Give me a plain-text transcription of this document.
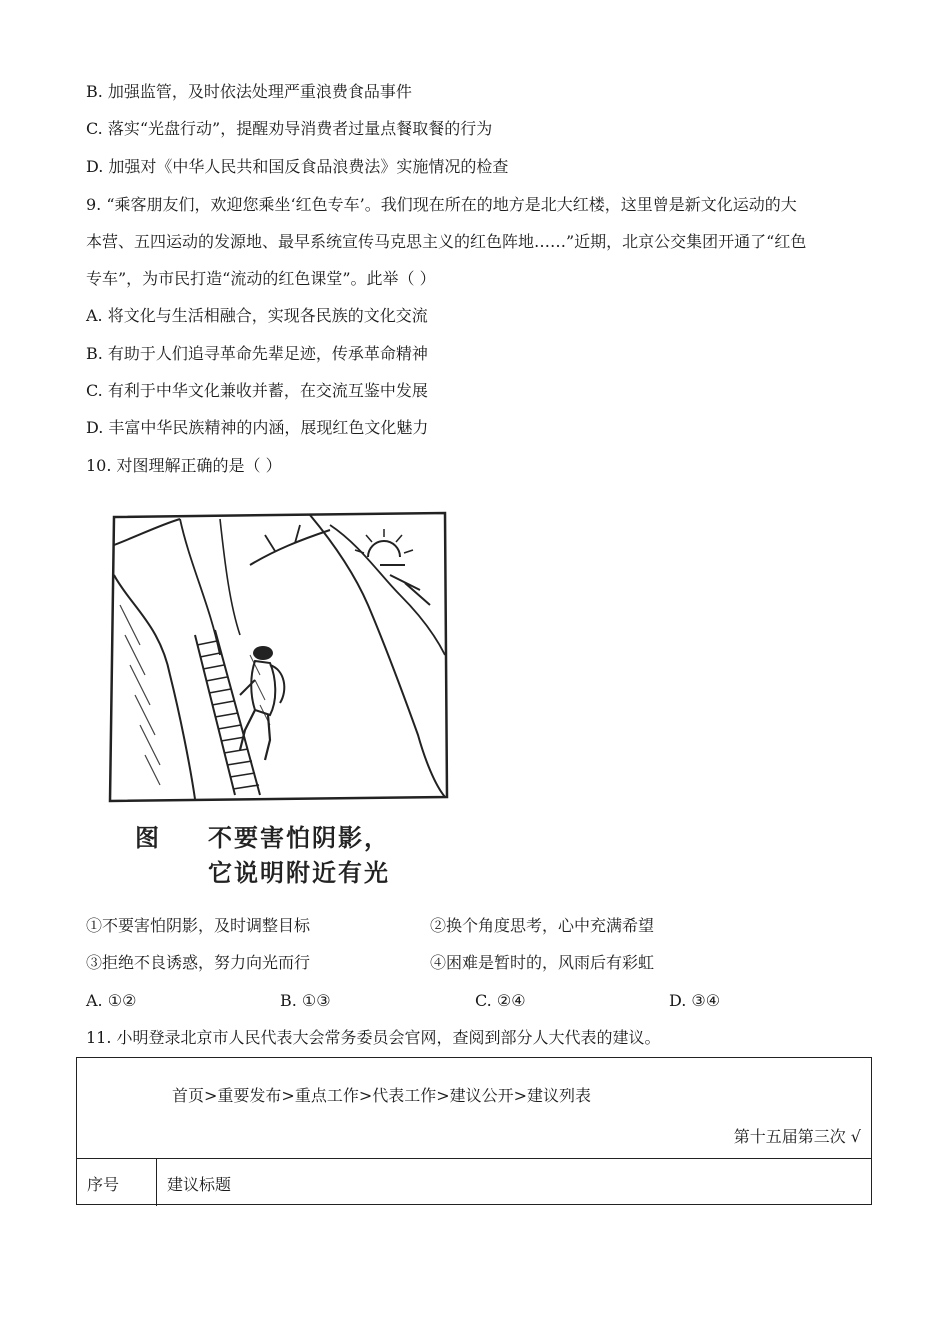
B. 加强监管，及时依法处理严重浪费食品事件
C. 落实“光盘行动”，提醒劝导消费者过量点餐取餐的行为
D. 加强对《中华人民共和国反食品浪费法》实施情况的检查
9. “乘客朋友们，欢迎您乘坐‘红色专车’。我们现在所在的地方是北大红楼，这里曾是新文化运动的大
本营、五四运动的发源地、最早系统宣传马克思主义的红色阵地……”近期，北京公交集团开通了“红色
专车”，为市民打造“流动的红色课堂”。此举（ ）
A. 将文化与生活相融合，实现各民族的文化交流
B. 有助于人们追寻革命先辈足迹，传承革命精神
C. 有利于中华文化兼收并蓄，在交流互鉴中发展
D. 丰富中华民族精神的内涵，展现红色文化魅力
10. 对图理解正确的是（ ）
图 不要害怕阴影，
它说明附近有光
①不要害怕阴影，及时调整目标	②换个角度思考，心中充满希望
③拒绝不良诱惑，努力向光而行	④困难是暂时的，风雨后有彩虹
A. ①②	B. ①③	C. ②④	D. ③④
11. 小明登录北京市人民代表大会常务委员会官网，查阅到部分人大代表的建议。
首页>重要发布>重点工作>代表工作>建议公开>建议列表
第十五届第三次 √
序号	建议标题
